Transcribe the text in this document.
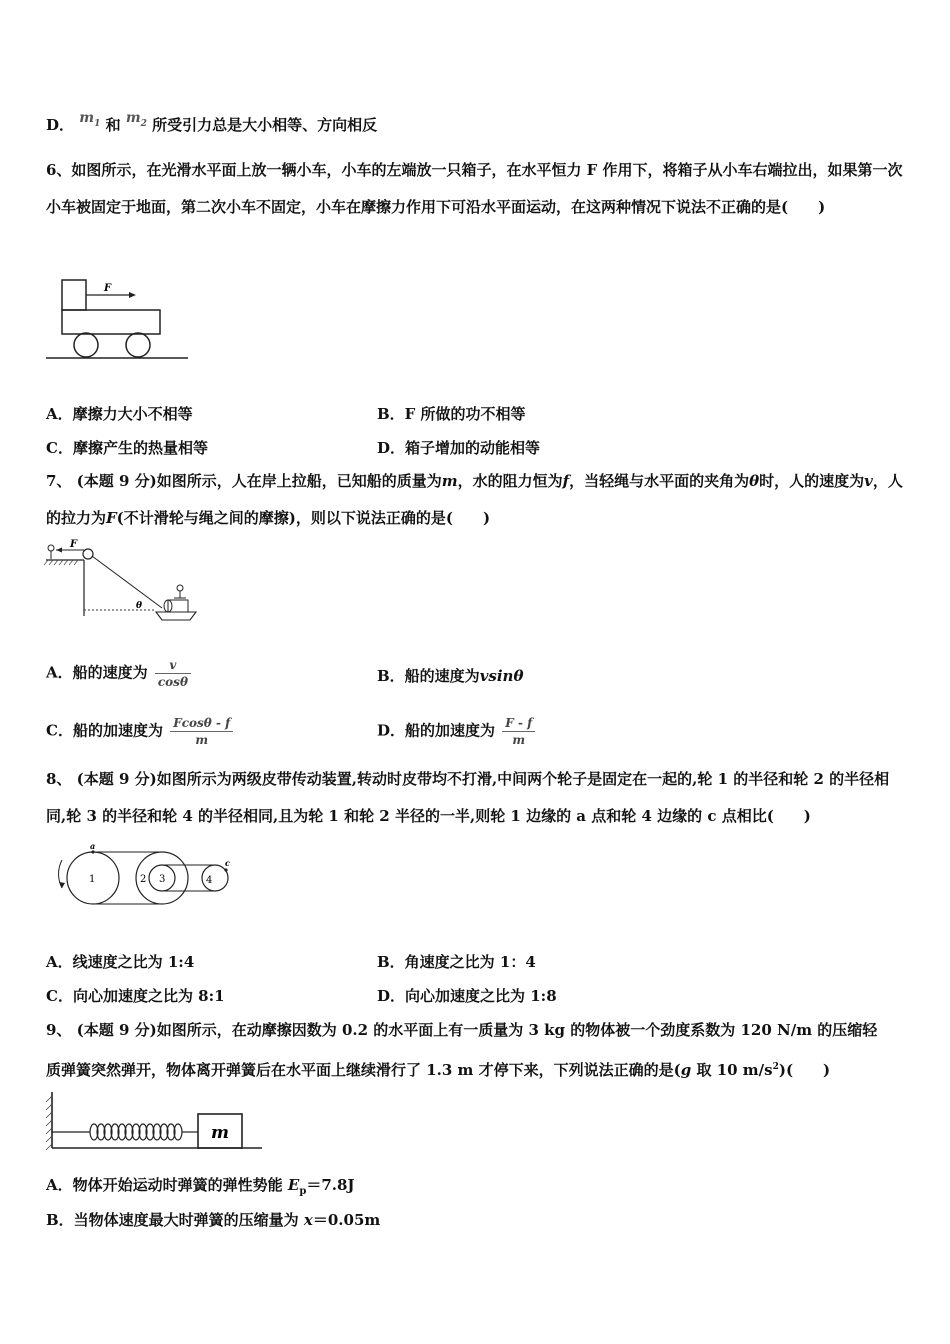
D． $m_1$ 和 $m_2$ 所受引力总是大小相等、方向相反
6、如图所示，在光滑水平面上放一辆小车，小车的左端放一只箱子，在水平恒力 F 作用下，将箱子从小车右端拉出，如果第一次小车被固定于地面，第二次小车不固定，小车在摩擦力作用下可沿水平面运动，在这两种情况下说法不正确的是(　　)
F
A．摩擦力大小不相等	B．F 所做的功不相等
C．摩擦产生的热量相等	D．箱子增加的动能相等
7、 (本题 9 分)如图所示，人在岸上拉船，已知船的质量为m，水的阻力恒为f，当轻绳与水平面的夹角为θ时，人的速度为v，人的拉力为F(不计滑轮与绳之间的摩擦)，则以下说法正确的是(　　)
F
θ
A．船的速度为 $\frac{v}{\cos\theta}$	B．船的速度为vsinθ
C．船的加速度为 $\frac{Fcos\theta - f}{m}$	D．船的加速度为 $\frac{F - f}{m}$
8、 (本题 9 分)如图所示为两级皮带传动装置,转动时皮带均不打滑,中间两个轮子是固定在一起的,轮 1 的半径和轮 2 的半径相同,轮 3 的半径和轮 4 的半径相同,且为轮 1 和轮 2 半径的一半,则轮 1 边缘的 a 点和轮 4 边缘的 c 点相比(　　)
a
c
1	2 3	4
A．线速度之比为 1:4	B．角速度之比为 1：4
C．向心加速度之比为 8:1	D．向心加速度之比为 1:8
9、 (本题 9 分)如图所示，在动摩擦因数为 0.2 的水平面上有一质量为 3 kg 的物体被一个劲度系数为 120 N/m 的压缩轻
质弹簧突然弹开，物体离开弹簧后在水平面上继续滑行了 1.3 m 才停下来，下列说法正确的是(g 取 10 $m/s^2$)(　　)
m
A．物体开始运动时弹簧的弹性势能 $E_p=7.8J$
B．当物体速度最大时弹簧的压缩量为 x＝0.05m
